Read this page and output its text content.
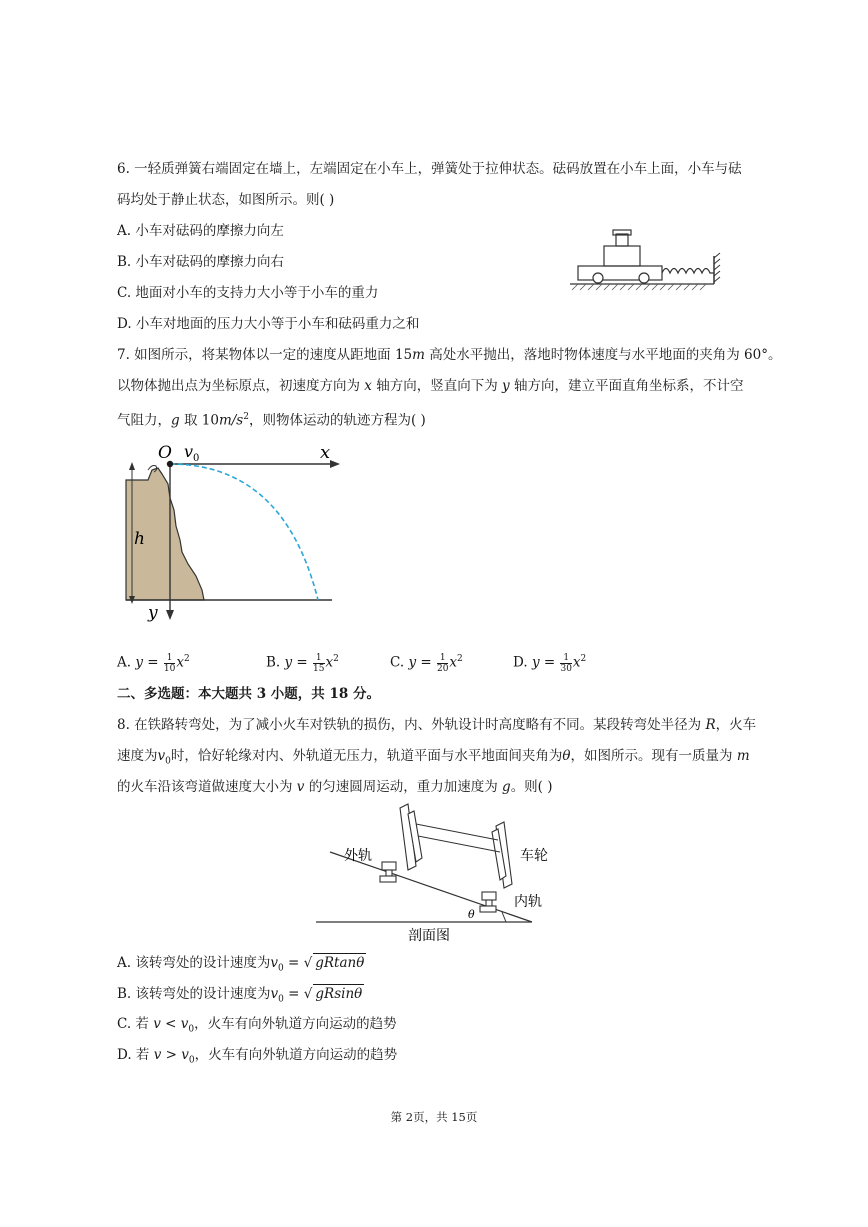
6. 一轻质弹簧右端固定在墙上，左端固定在小车上，弹簧处于拉伸状态。砝码放置在小车上面，小车与砝
码均处于静止状态，如图所示。则( )
A. 小车对砝码的摩擦力向左
B. 小车对砝码的摩擦力向右
C. 地面对小车的支持力大小等于小车的重力
D. 小车对地面的压力大小等于小车和砝码重力之和
7. 如图所示，将某物体以一定的速度从距地面 15m 高处水平抛出，落地时物体速度与水平地面的夹角为 60°。
以物体抛出点为坐标原点，初速度方向为 x 轴方向，竖直向下为 y 轴方向，建立平面直角坐标系，不计空
气阻力，g 取 $10m/s^2$，则物体运动的轨迹方程为( )
O v 0	x
h
y
A. $y = \frac{1}{10} x^2$	B. $y = \frac{1}{15} x^2$	C. $y = \frac{1}{20} x^2$	D. $y = \frac{1}{30} x^2$
二、多选题：本大题共 3 小题，共 18 分。
8. 在铁路转弯处，为了减小火车对铁轨的损伤，内、外轨设计时高度略有不同。某段转弯处半径为 R，火车
速度为$v_0$时，恰好轮缘对内、外轨道无压力，轨道平面与水平地面间夹角为θ，如图所示。现有一质量为 m
的火车沿该弯道做速度大小为 v 的匀速圆周运动，重力加速度为 g。则( )
外轨	车轮
内轨
θ
剖面图
A. 该转弯处的设计速度为$v_0$ = √ gRtanθ
B. 该转弯处的设计速度为$v_0$ = √ gRsinθ
C. 若 $v < v_0$，火车有向外轨道方向运动的趋势
D. 若 $v > v_0$，火车有向外轨道方向运动的趋势
第 2页，共 15页
